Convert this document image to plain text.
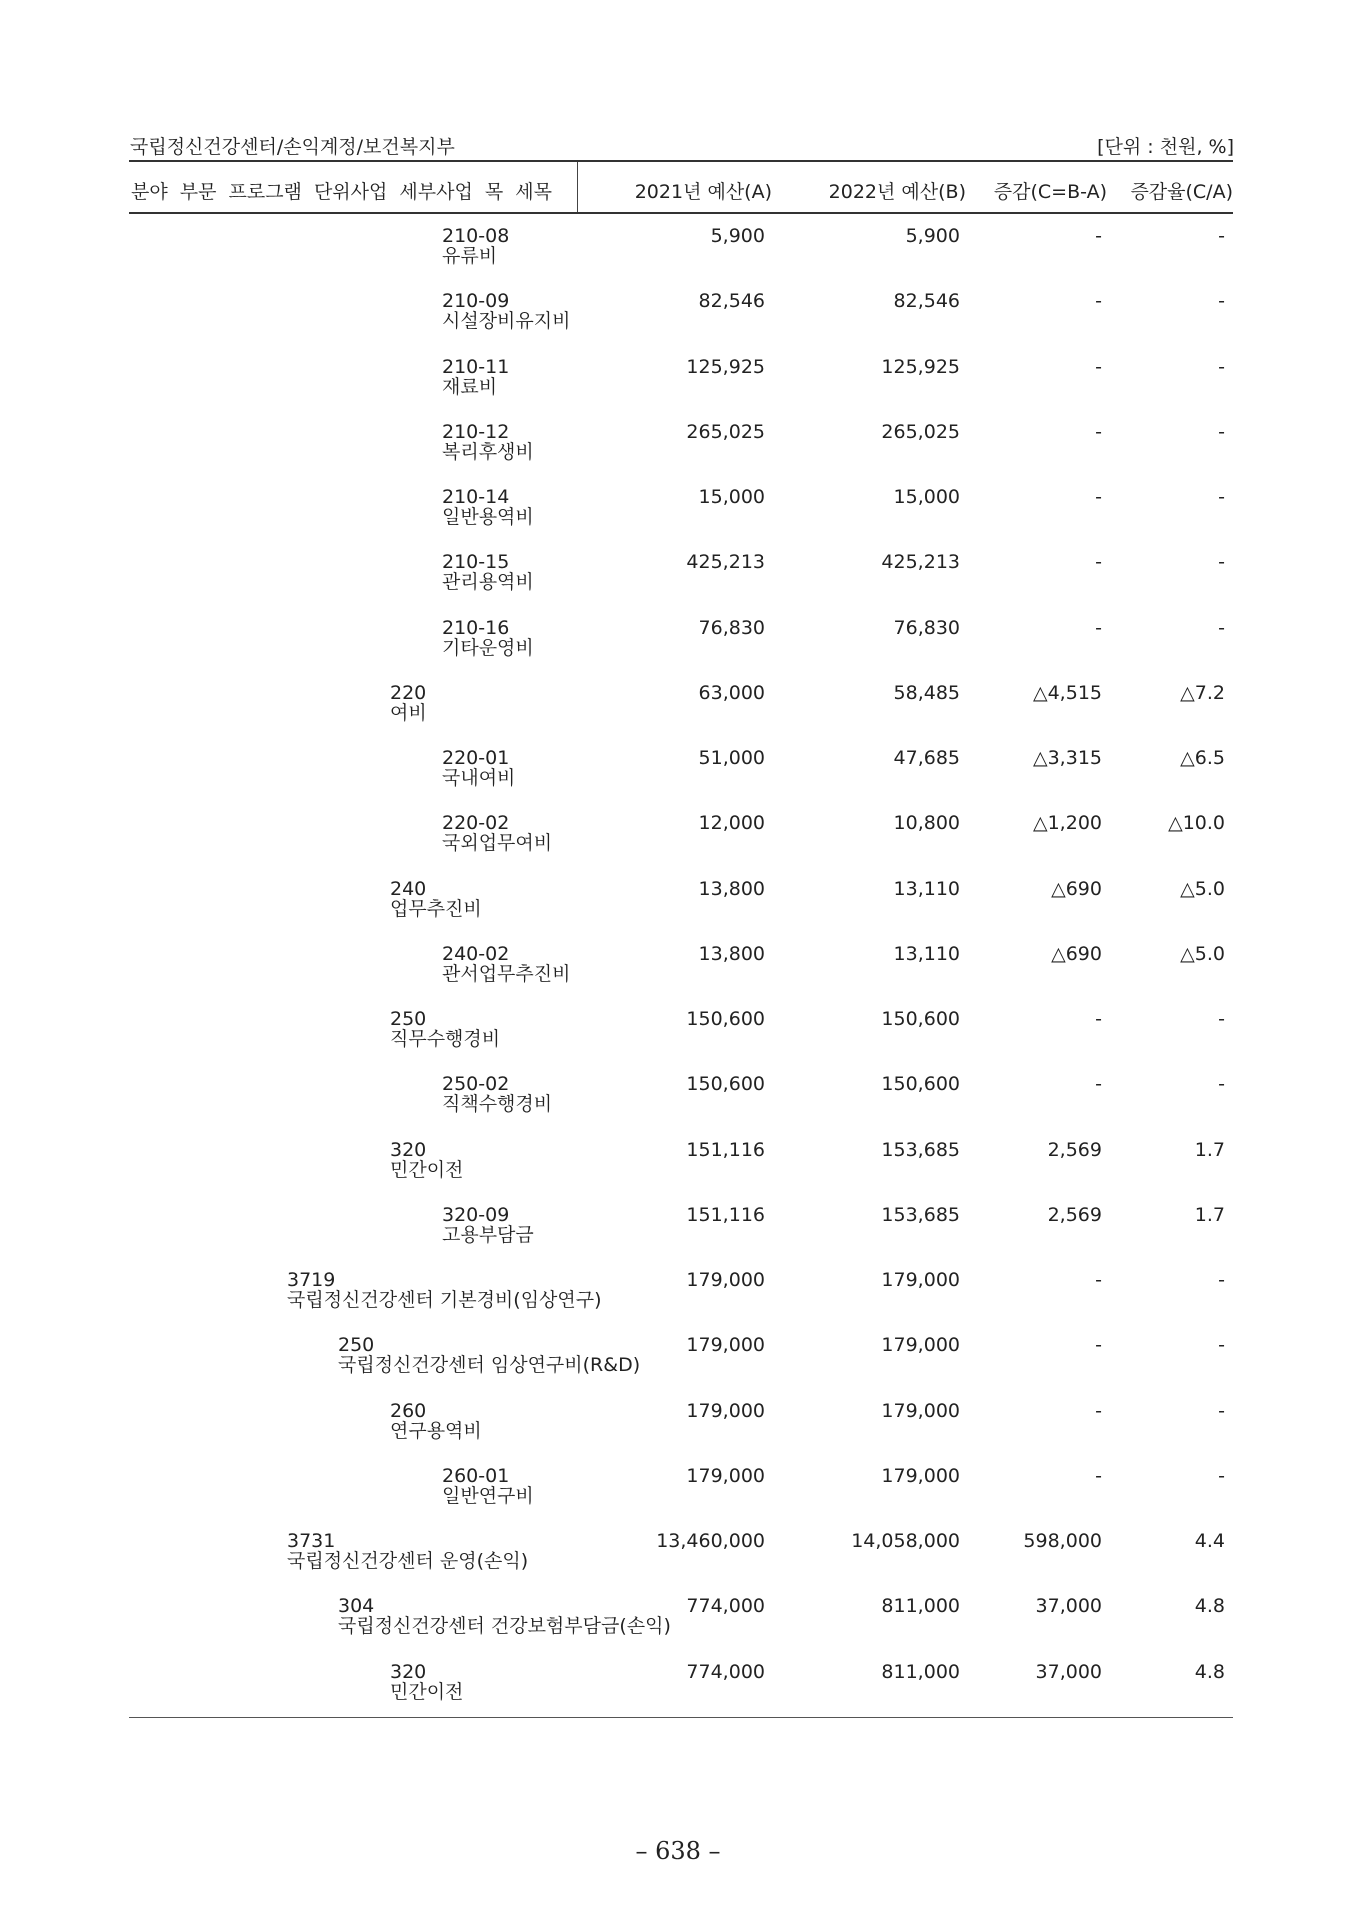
국립정신건강센터/손익계정/보건복지부	[단위 : 천원, %]
분야 부문 프로그램 단위사업 세부사업 목 세목	2021년 예산(A)	2022년 예산(B) 증감(C=B-A) 증감율(C/A)
210-08
유류비
5,900	5,900	-	-
210-09
시설장비유지비
82,546	82,546	-	-
210-11
재료비
125,925	125,925	-	-
210-12
복리후생비
265,025	265,025	-	-
210-14
일반용역비
15,000	15,000	-	-
210-15
관리용역비
425,213	425,213	-	-
210-16
기타운영비
76,830	76,830	-	-
220
여비
63,000	58,485	△4,515	△7.2
220-01
국내여비
51,000	47,685	△3,315	△6.5
220-02
국외업무여비
12,000	10,800	△1,200	△10.0
240
업무추진비
13,800	13,110	△690	△5.0
240-02
관서업무추진비
13,800	13,110	△690	△5.0
250
직무수행경비
150,600	150,600	-	-
250-02
직책수행경비
150,600	150,600	-	-
320
민간이전
151,116	153,685	2,569	1.7
320-09
고용부담금
151,116	153,685	2,569	1.7
3719
국립정신건강센터 기본경비(임상연구)
179,000	179,000	-	-
250
국립정신건강센터 임상연구비(R&D)
179,000	179,000	-	-
260
연구용역비
179,000	179,000	-	-
260-01
일반연구비
179,000	179,000	-	-
3731
국립정신건강센터 운영(손익)
13,460,000	14,058,000	598,000	4.4
304
국립정신건강센터 건강보험부담금(손익)
774,000	811,000	37,000	4.8
320
민간이전
774,000	811,000	37,000	4.8
– 638 –
